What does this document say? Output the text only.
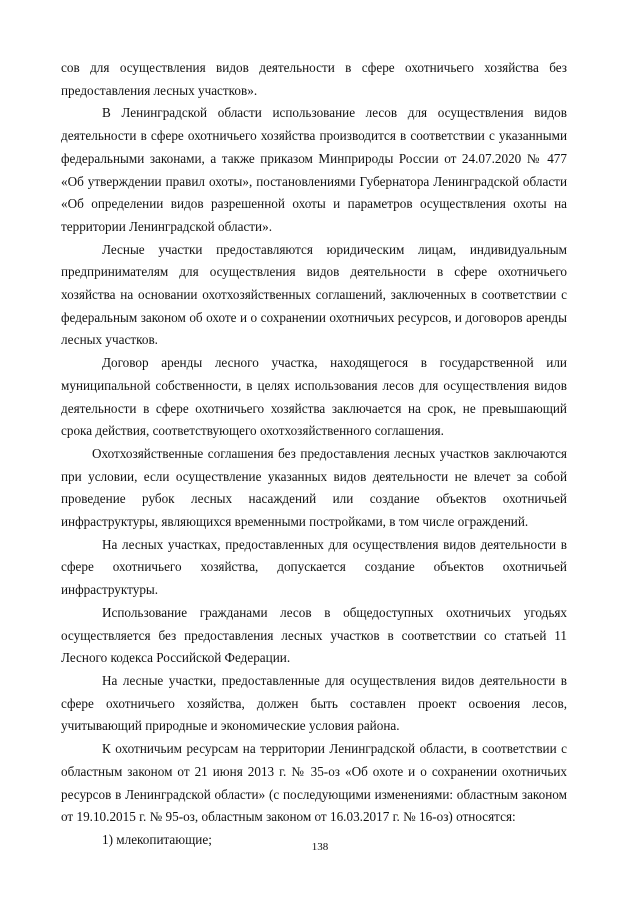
сов для осуществления видов деятельности в сфере охотничьего хозяйства без предоставления лесных участков».

В Ленинградской области использование лесов для осуществления видов деятельности в сфере охотничьего хозяйства производится в соответствии с указанными федеральными законами, а также приказом Минприроды России от 24.07.2020 № 477 «Об утверждении правил охоты», постановлениями Губернатора Ленинградской области «Об определении видов разрешенной охоты и параметров осуществления охоты на территории Ленинградской области».

Лесные участки предоставляются юридическим лицам, индивидуальным предпринимателям для осуществления видов деятельности в сфере охотничьего хозяйства на основании охотхозяйственных соглашений, заключенных в соответствии с федеральным законом об охоте и о сохранении охотничьих ресурсов, и договоров аренды лесных участков.

Договор аренды лесного участка, находящегося в государственной или муниципальной собственности, в целях использования лесов для осуществления видов деятельности в сфере охотничьего хозяйства заключается на срок, не превышающий срока действия, соответствующего охотхозяйственного соглашения.

Охотхозяйственные соглашения без предоставления лесных участков заключаются при условии, если осуществление указанных видов деятельности не влечет за собой проведение рубок лесных насаждений или создание объектов охотничьей инфраструктуры, являющихся временными постройками, в том числе ограждений.

На лесных участках, предоставленных для осуществления видов деятельности в сфере охотничьего хозяйства, допускается создание объектов охотничьей инфраструктуры.

Использование гражданами лесов в общедоступных охотничьих угодьях осуществляется без предоставления лесных участков в соответствии со статьей 11 Лесного кодекса Российской Федерации.

На лесные участки, предоставленные для осуществления видов деятельности в сфере охотничьего хозяйства, должен быть составлен проект освоения лесов, учитывающий природные и экономические условия района.

К охотничьим ресурсам на территории Ленинградской области, в соответствии с областным законом от 21 июня 2013 г. № 35-оз «Об охоте и о сохранении охотничьих ресурсов в Ленинградской области» (с последующими изменениями: областным законом от 19.10.2015 г. № 95-оз, областным законом от 16.03.2017 г. № 16-оз) относятся:

1) млекопитающие;

138
